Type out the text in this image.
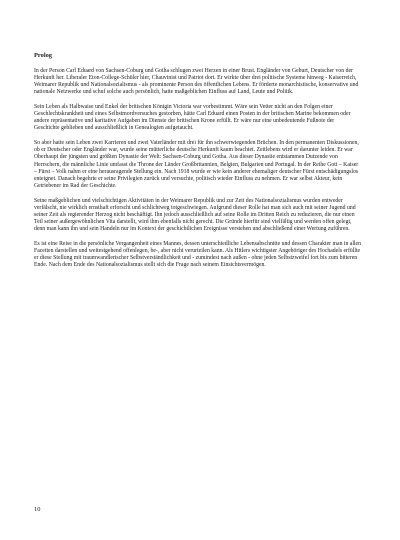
Prolog

In der Person Carl Eduard von Sachsen-Coburg und Gotha schlugen zwei Herzen in einer Brust. Engländer von Geburt, Deutscher von der Herkunft her. Liberaler Eton-College-Schüler hier, Chauvinist und Patriot dort. Er wirkte über drei politische Systeme hinweg - Kaiserreich, Weimarer Republik und Nationalsozialismus - als prominente Person des öffentlichen Lebens. Er förderte monarchistische, konservative und nationale Netzwerke und schuf solche auch persönlich, hatte maßgeblichen Einfluss auf Land, Leute und Politik.

Sein Leben als Halbwaise und Enkel der britischen Königin Victoria war vorbestimmt. Wäre sein Vetter nicht an den Folgen einer Geschlechtskrankheit und eines Selbstmordversuches gestorben, hätte Carl Eduard einen Posten in der britischen Marine bekommen oder andere repräsentative und karitative Aufgaben im Dienste der britischen Krone erfüllt. Er wäre nur eine unbedeutende Fußnote der Geschichte geblieben und ausschließlich in Genealogien aufgetaucht.

So aber hatte sein Leben zwei Karrieren und zwei Vaterländer mit drei für ihn schwerwiegenden Brüchen. In den permanenten Diskussionen, ob er Deutscher oder Engländer war, wurde seine mütterliche deutsche Herkunft kaum beachtet. Zeitlebens wird er darunter leiden. Er war Oberhaupt der jüngsten und größten Dynastie der Welt: Sachsen-Coburg und Gotha. Aus dieser Dynastie entstammen Dutzende von Herrschern, die männliche Linie umfasst die Throne der Länder Großbritannien, Belgien, Bulgarien und Portugal. In der Reihe Gott – Kaiser – Fürst – Volk nahm er eine herausragende Stellung ein. Nach 1918 wurde er wie kein anderer ehemaliger deutscher Fürst entschädigungslos enteignet. Danach begehrte er seine Privilegien zurück und versuchte, politisch wieder Einfluss zu nehmen. Er war selbst Akteur, kein Getriebener im Rad der Geschichte.

Seine maßgeblichen und vielschichtigen Aktivitäten in der Weimarer Republik und zur Zeit des Nationalsozialismus wurden entweder verfälscht, nie wirklich ernsthaft erforscht und schlichtweg totgeschwiegen. Aufgrund dieser Rolle hat man sich auch mit seiner Jugend und seiner Zeit als regierender Herzog nicht beschäftigt. Ihn jedoch ausschließlich auf seine Rolle im Dritten Reich zu reduzieren, die nur einen Teil seiner außergewöhnlichen Vita darstellt, wird ihm ebenfalls nicht gerecht. Die Gründe hierfür sind vielfältig und werden offen gelegt, denn man kann ihn und sein Handeln nur im Kontext der geschichtlichen Ereignisse verstehen und abschließend einer Wertung zuführen.

Es ist eine Reise in die persönliche Vergangenheit eines Mannes, dessen unterschiedliche Lebensabschnitte und dessen Charakter man in allen Facetten darstellen und weitestgehend offenlegen, be-, aber nicht verurteilen kann. Als Hitlers wichtigster Angehöriger des Hochadels erfüllte er diese Stellung mit traumwandlerischer Selbstverständlichkeit und - zumindest nach außen - ohne jeden Selbstzweifel fort bis zum bitteren Ende. Nach dem Ende des Nationalsozialismus stellt sich die Frage nach seinem Einsichtsvermögen.

10
